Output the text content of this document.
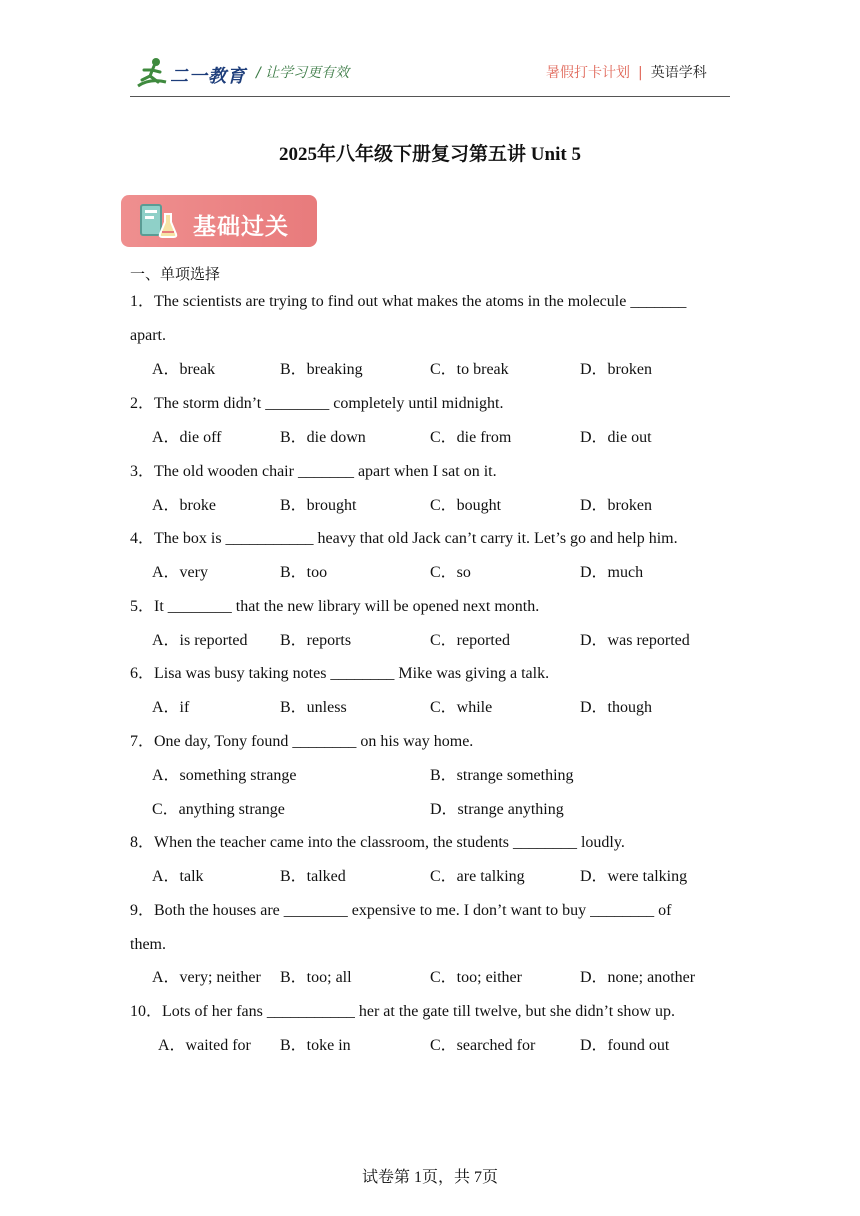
二一教育 / 让学习更有效	暑假打卡计划 | 英语学科
2025年八年级下册复习第五讲 Unit 5
基础过关
一、单项选择
1．The scientists are trying to find out what makes the atoms in the molecule _______
apart.
A．break	B．breaking	C．to break	D．broken
2．The storm didn’t ________ completely until midnight.
A．die off	B．die down	C．die from	D．die out
3．The old wooden chair _______ apart when I sat on it.
A．broke	B．brought	C．bought	D．broken
4．The box is ___________ heavy that old Jack can’t carry it. Let’s go and help him.
A．very	B．too	C．so	D．much
5．It ________ that the new library will be opened next month.
A．is reported B．reports	C．reported	D．was reported
6．Lisa was busy taking notes ________ Mike was giving a talk.
A．if	B．unless	C．while	D．though
7．One day, Tony found ________ on his way home.
A．something strange	B．strange something
C．anything strange	D．strange anything
8．When the teacher came into the classroom, the students ________ loudly.
A．talk	B．talked	C．are talking	D．were talking
9．Both the houses are ________ expensive to me. I don’t want to buy ________ of
them.
A．very; neither B．too; all	C．too; either	D．none; another
10．Lots of her fans ___________ her at the gate till twelve, but she didn’t show up.
A．waited for B．toke in	C．searched for	D．found out
试卷第 1页，共 7页
